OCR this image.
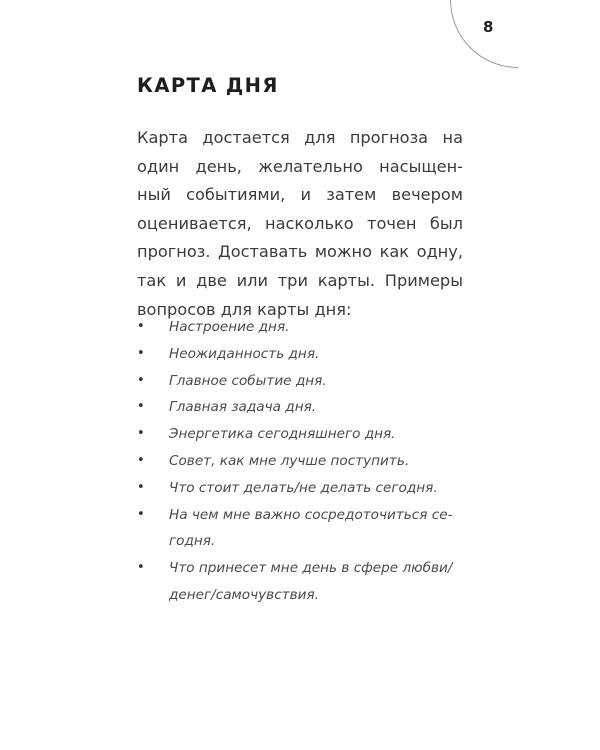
8
КАРТА ДНЯ

Карта достается для прогноза на
один день, желательно насыщен-
ный событиями, и затем вечером
оценивается, насколько точен был
прогноз. Доставать можно как одну,
так и две или три карты. Примеры
вопросов для карты дня:

• Настроение дня.
• Неожиданность дня.
• Главное событие дня.
• Главная задача дня.
• Энергетика сегодняшнего дня.
• Совет, как мне лучше поступить.
• Что стоит делать/не делать сегодня.
• На чем мне важно сосредоточиться се-
годня.
• Что принесет мне день в сфере любви/
денег/самочувствия.
